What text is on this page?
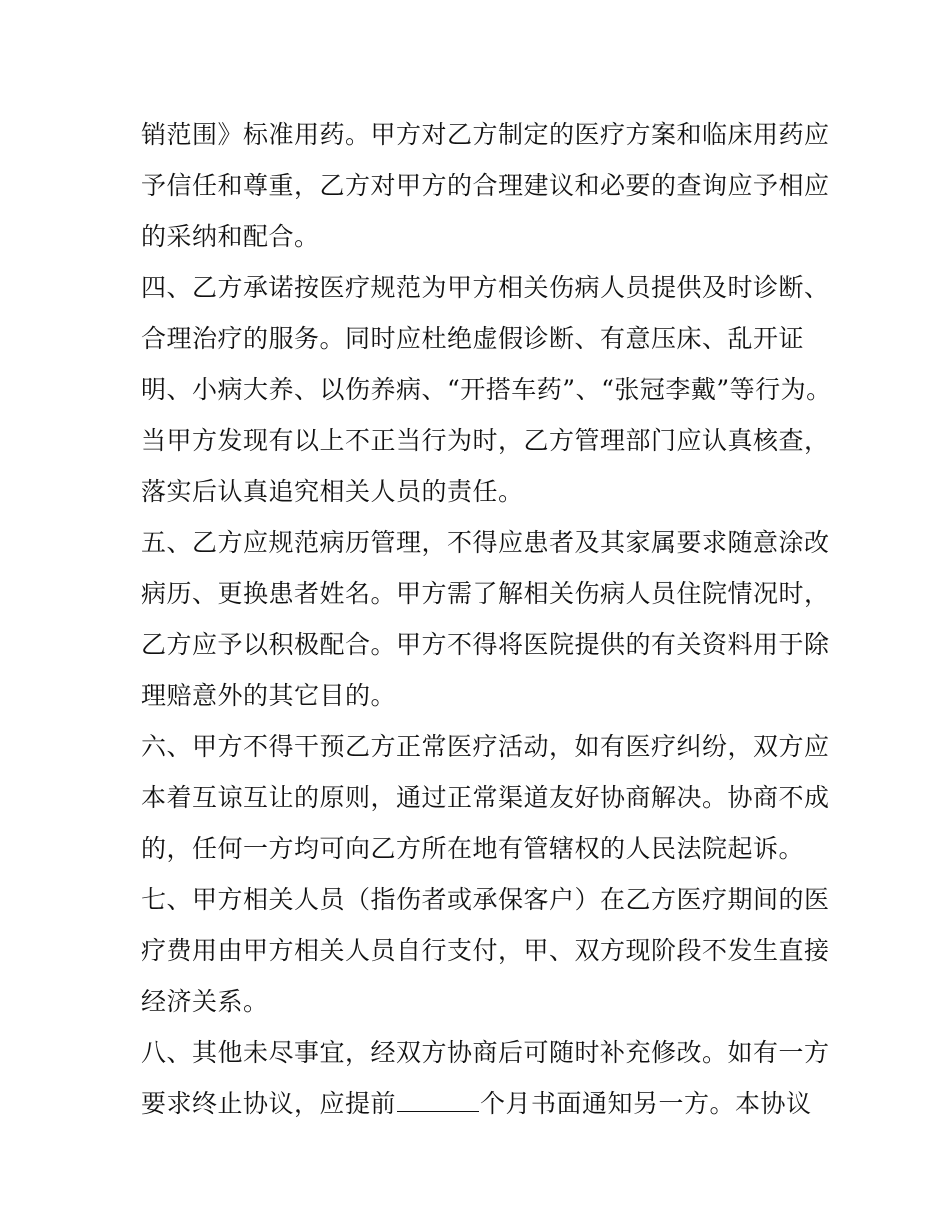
销范围》标准用药。甲方对乙方制定的医疗方案和临床用药应
予信任和尊重，乙方对甲方的合理建议和必要的查询应予相应
的采纳和配合。
四、乙方承诺按医疗规范为甲方相关伤病人员提供及时诊断、
合理治疗的服务。同时应杜绝虚假诊断、有意压床、乱开证
明、小病大养、以伤养病、“开搭车药”、“张冠李戴”等行为。
当甲方发现有以上不正当行为时，乙方管理部门应认真核查，
落实后认真追究相关人员的责任。
五、乙方应规范病历管理，不得应患者及其家属要求随意涂改
病历、更换患者姓名。甲方需了解相关伤病人员住院情况时，
乙方应予以积极配合。甲方不得将医院提供的有关资料用于除
理赔意外的其它目的。
六、甲方不得干预乙方正常医疗活动，如有医疗纠纷，双方应
本着互谅互让的原则，通过正常渠道友好协商解决。协商不成
的，任何一方均可向乙方所在地有管辖权的人民法院起诉。
七、甲方相关人员（指伤者或承保客户）在乙方医疗期间的医
疗费用由甲方相关人员自行支付，甲、双方现阶段不发生直接
经济关系。
八、其他未尽事宜，经双方协商后可随时补充修改。如有一方
要求终止协议，应提前	个月书面通知另一方。本协议
